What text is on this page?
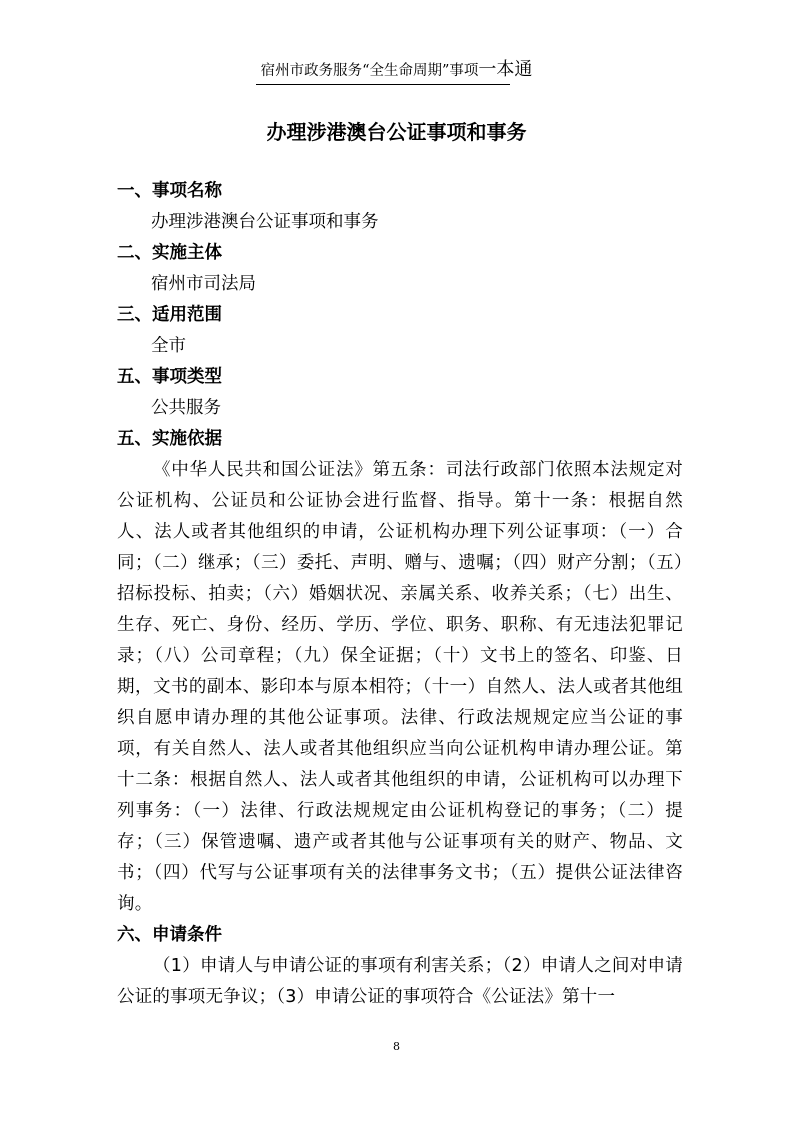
宿州市政务服务“全生命周期”事项一本通
办理涉港澳台公证事项和事务

一、事项名称

办理涉港澳台公证事项和事务

二、实施主体

宿州市司法局

三、适用范围

全市

五、事项类型

公共服务

五、实施依据

《中华人民共和国公证法》第五条：司法行政部门依照本法规定对公证机构、公证员和公证协会进行监督、指导。第十一条：根据自然人、法人或者其他组织的申请，公证机构办理下列公证事项：（一）合同；（二）继承；（三）委托、声明、赠与、遗嘱；（四）财产分割；（五）招标投标、拍卖；（六）婚姻状况、亲属关系、收养关系；（七）出生、生存、死亡、身份、经历、学历、学位、职务、职称、有无违法犯罪记录；（八）公司章程；（九）保全证据；（十）文书上的签名、印鉴、日期，文书的副本、影印本与原本相符；（十一）自然人、法人或者其他组织自愿申请办理的其他公证事项。法律、行政法规规定应当公证的事项，有关自然人、法人或者其他组织应当向公证机构申请办理公证。第十二条：根据自然人、法人或者其他组织的申请，公证机构可以办理下列事务：（一）法律、行政法规规定由公证机构登记的事务；（二）提存；（三）保管遗嘱、遗产或者其他与公证事项有关的财产、物品、文书；（四）代写与公证事项有关的法律事务文书；（五）提供公证法律咨询。

六、申请条件

（1）申请人与申请公证的事项有利害关系；（2）申请人之间对申请公证的事项无争议；（3）申请公证的事项符合《公证法》第十一

8
